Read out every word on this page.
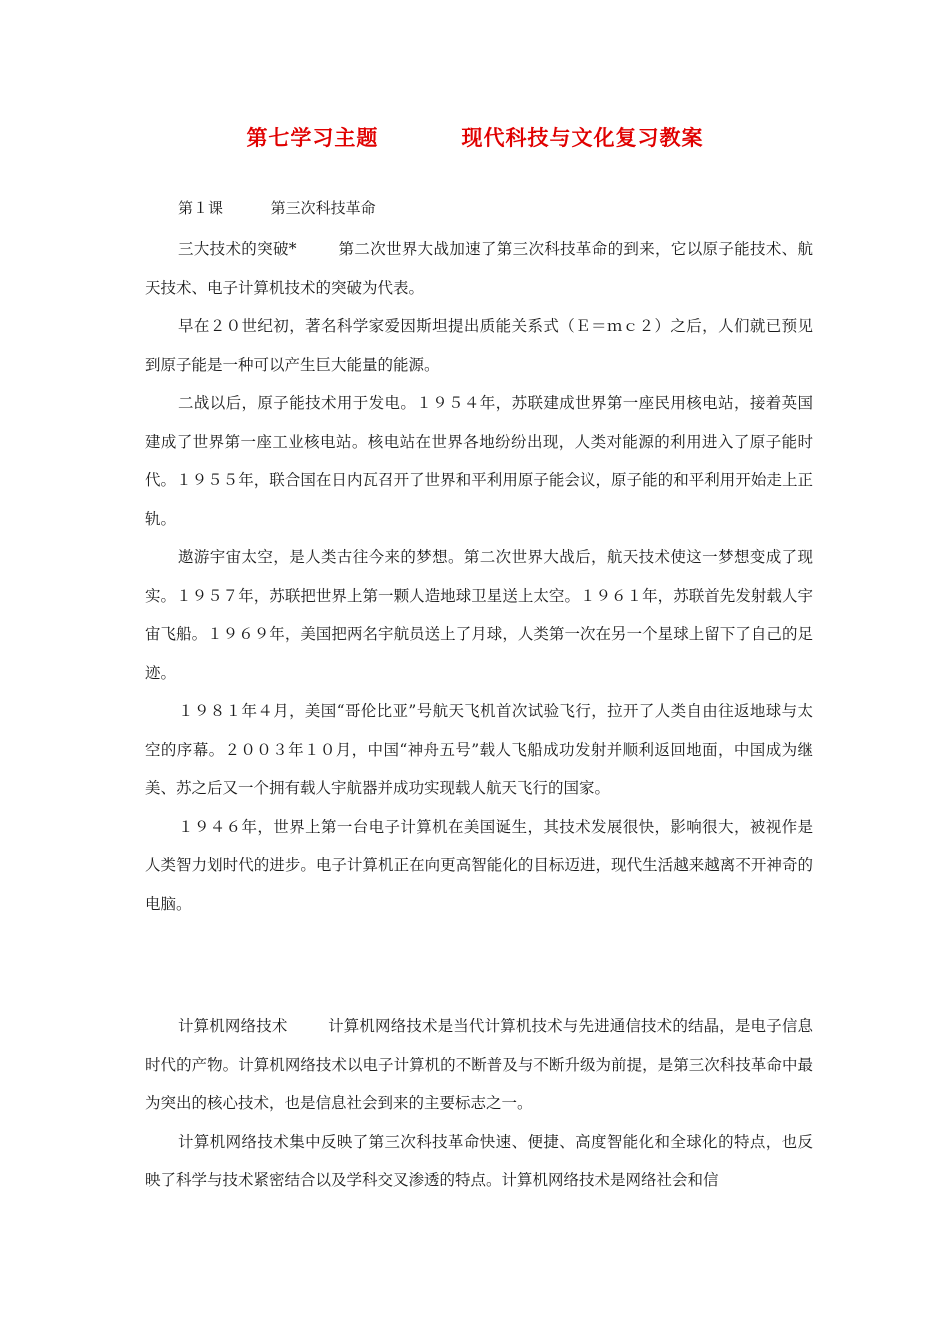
第七学习主题          现代科技与文化复习教案
第１课          第三次科技革命

三大技术的突破*	第二次世界大战加速了第三次科技革命的到来，它以原子能技术、航天技术、电子计算机技术的突破为代表。

早在２０世纪初，著名科学家爱因斯坦提出质能关系式（Ｅ＝ｍｃ２）之后，人们就已预见到原子能是一种可以产生巨大能量的能源。

二战以后，原子能技术用于发电。１９５４年，苏联建成世界第一座民用核电站，接着英国建成了世界第一座工业核电站。核电站在世界各地纷纷出现，人类对能源的利用进入了原子能时代。１９５５年，联合国在日内瓦召开了世界和平利用原子能会议，原子能的和平利用开始走上正轨。

遨游宇宙太空，是人类古往今来的梦想。第二次世界大战后，航天技术使这一梦想变成了现实。１９５７年，苏联把世界上第一颗人造地球卫星送上太空。１９６１年，苏联首先发射载人宇宙飞船。１９６９年，美国把两名宇航员送上了月球，人类第一次在另一个星球上留下了自己的足迹。

１９８１年４月，美国“哥伦比亚”号航天飞机首次试验飞行，拉开了人类自由往返地球与太空的序幕。２００３年１０月，中国“神舟五号”载人飞船成功发射并顺利返回地面，中国成为继美、苏之后又一个拥有载人宇航器并成功实现载人航天飞行的国家。

１９４６年，世界上第一台电子计算机在美国诞生，其技术发展很快，影响很大，被视作是人类智力划时代的进步。电子计算机正在向更高智能化的目标迈进，现代生活越来越离不开神奇的电脑。

计算机网络技术	计算机网络技术是当代计算机技术与先进通信技术的结晶，是电子信息时代的产物。计算机网络技术以电子计算机的不断普及与不断升级为前提，是第三次科技革命中最为突出的核心技术，也是信息社会到来的主要标志之一。

计算机网络技术集中反映了第三次科技革命快速、便捷、高度智能化和全球化的特点，也反映了科学与技术紧密结合以及学科交叉渗透的特点。计算机网络技术是网络社会和信
